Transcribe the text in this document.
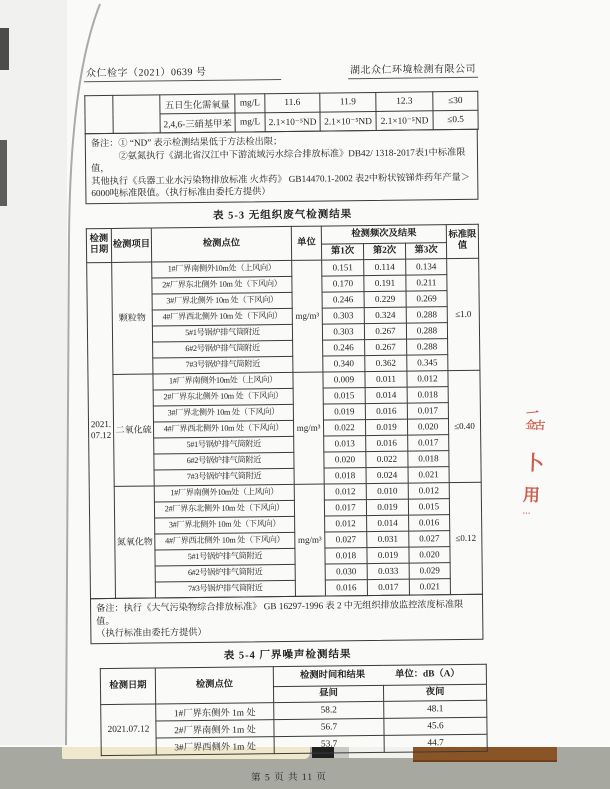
众仁检字（2021）0639 号	湖北众仁环境检测有限公司
		五日生化需氧量	mg/L	11.6	11.9	12.3	≤30
		2,4,6-三硝基甲苯	mg/L	2.1×10⁻⁵ND	2.1×10⁻⁵ND	2.1×10⁻⁵ND	≤0.5
备注：① “ND” 表示检测结果低于方法检出限；
②氨氮执行《湖北省汉江中下游流域污水综合排放标准》DB42/ 1318-2017表1中标准限值，
其他执行《兵器工业水污染物排放标准 火炸药》 GB14470.1-2002 表2中粉状铵锑炸药年产量＞
6000吨标准限值。（执行标准由委托方提供）
表 5-3 无组织废气检测结果
检测日期	检测项目	检测点位	单位	检测频次及结果			标准限值
				第1次	第2次	第3次	

2021.
07.12	颗粒物	1#厂界南侧外10m处（上风向）	mg/m³	0.151	0.114	0.134	≤1.0
		2#厂界东北侧外 10m 处（下风向）		0.170	0.191	0.211	
		3#厂界北侧外 10m 处（下风向）		0.246	0.229	0.269	
		4#厂界西北侧外 10m 处（下风向）		0.303	0.324	0.288	
		5#1号锅炉排气筒附近		0.303	0.267	0.288	
		6#2号锅炉排气筒附近		0.246	0.267	0.288	
		7#3号锅炉排气筒附近		0.340	0.362	0.345	
	二氧化硫	1#厂界南侧外10m处（上风向）	mg/m³	0.009	0.011	0.012	≤0.40
		2#厂界东北侧外 10m 处（下风向）		0.015	0.014	0.018	
		3#厂界北侧外 10m 处（下风向）		0.019	0.016	0.017	
		4#厂界西北侧外 10m 处（下风向）		0.022	0.019	0.020	
		5#1号锅炉排气筒附近		0.013	0.016	0.017	
		6#2号锅炉排气筒附近		0.020	0.022	0.018	
		7#3号锅炉排气筒附近		0.018	0.024	0.021	
	氮氧化物	1#厂界南侧外10m处（上风向）	mg/m³	0.012	0.010	0.012	≤0.12
		2#厂界东北侧外 10m 处（下风向）		0.017	0.019	0.015	
		3#厂界北侧外 10m 处（下风向）		0.012	0.014	0.016	
		4#厂界西北侧外 10m 处（下风向）		0.027	0.031	0.027	
		5#1号锅炉排气筒附近		0.018	0.019	0.020	
		6#2号锅炉排气筒附近		0.030	0.033	0.029	
		7#3号锅炉排气筒附近		0.016	0.017	0.021	
备注：执行《大气污染物综合排放标准》 GB 16297-1996 表 2 中无组织排放监控浓度标准限值。
（执行标准由委托方提供）
表 5-4 厂界噪声检测结果
检测日期	检测点位	检测时间和结果 单位：dB（A）	

		昼间	夜间
2021.07.12	1#厂界东侧外 1m 处	58.2	48.1
	2#厂界南侧外 1m 处	56.7	45.6
	3#厂界西侧外 1m 处	53.7	44.7
第 5 页 共 11 页
一
佥古
卜
用
…
